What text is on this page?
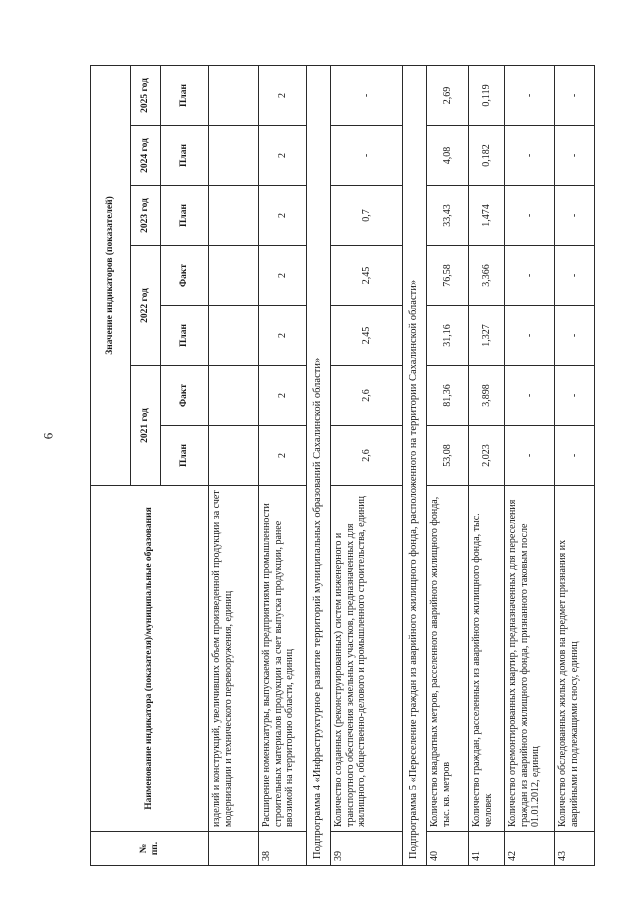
6
№ пп.	Наименование индикатора (показателя)/муниципальные образования	Значение индикаторов (показателей)						
		2021 год		2022 год		2023 год	2024 год	2025 год
		План	Факт	План	Факт	План	План	План
	изделий и конструкций, увеличивших объем произведенной продукции за счет модернизации и технического перевооружения, единиц							
38	Расширение номенклатуры, выпускаемой предприятиями промышленности строительных материалов продукции за счет выпуска продукции, ранее ввозимой на территорию области, единиц	2	2	2	2	2	2	2
Подпрограмма 4 «Инфраструктурное развитие территорий муниципальных образований Сахалинской области»								
39	Количество созданных (реконструированных) систем инженерного и транспортного обеспечения земельных участков, предназначенных для жилищного, общественно-делового и промышленного строительства, единиц	2,6	2,6	2,45	2,45	0,7	-	-
Подпрограмма 5 «Переселение граждан из аварийного жилищного фонда, расположенного на территории Сахалинской области»								
40	Количество квадратных метров, расселенного аварийного жилищного фонда, тыс. кв. метров	53,08	81,36	31,16	76,58	33,43	4,08	2,69
41	Количество граждан, расселенных из аварийного жилищного фонда, тыс. человек	2,023	3,898	1,327	3,366	1,474	0,182	0,119
42	Количество отремонтированных квартир, предназначенных для переселения граждан из аварийного жилищного фонда, признанного таковым после 01.01.2012, единиц	-	-	-	-	-	-	-
43	Количество обследованных жилых домов на предмет признания их аварийными и подлежащими сносу, единиц	-	-	-	-	-	-	-
